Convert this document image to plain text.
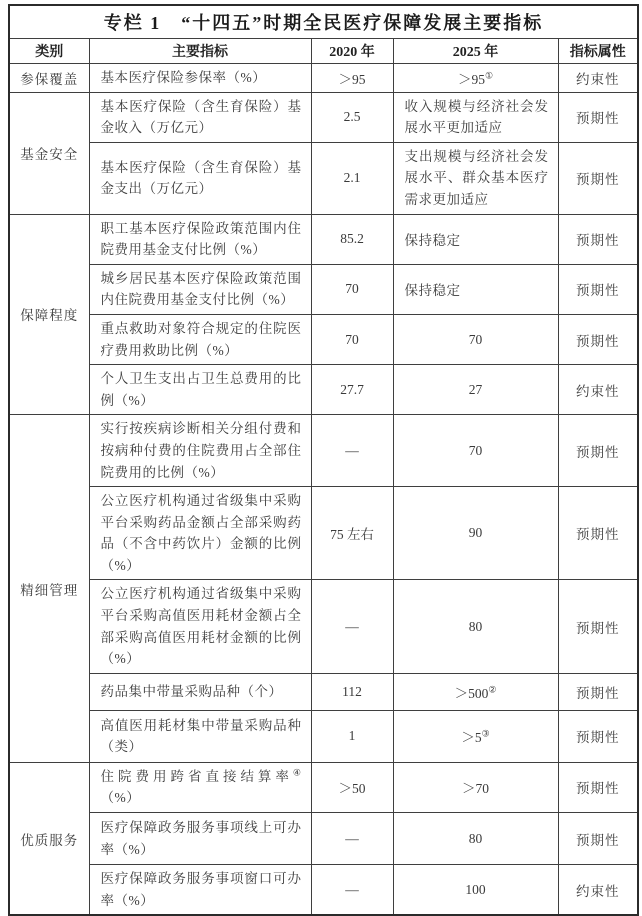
专栏 1　“十四五”时期全民医疗保障发展主要指标				
类别	主要指标	2020 年	2025 年	指标属性
参保覆盖	基本医疗保险参保率（%）	＞95	＞95①	约束性
基金安全	基本医疗保险（含生育保险）基金收入（万亿元）	2.5	收入规模与经济社会发展水平更加适应	预期性
	基本医疗保险（含生育保险）基金支出（万亿元）	2.1	支出规模与经济社会发展水平、群众基本医疗需求更加适应	预期性
保障程度	职工基本医疗保险政策范围内住院费用基金支付比例（%）	85.2	保持稳定	预期性
	城乡居民基本医疗保险政策范围内住院费用基金支付比例（%）	70	保持稳定	预期性
	重点救助对象符合规定的住院医疗费用救助比例（%）	70	70	预期性
	个人卫生支出占卫生总费用的比例（%）	27.7	27	约束性
精细管理	实行按疾病诊断相关分组付费和按病种付费的住院费用占全部住院费用的比例（%）	—	70	预期性
	公立医疗机构通过省级集中采购平台采购药品金额占全部采购药品（不含中药饮片）金额的比例（%）	75 左右	90	预期性
	公立医疗机构通过省级集中采购平台采购高值医用耗材金额占全部采购高值医用耗材金额的比例（%）	—	80	预期性
	药品集中带量采购品种（个）	112	＞500②	预期性
	高值医用耗材集中带量采购品种（类）	1	＞5③	预期性
优质服务	住院费用跨省直接结算率④（%）	＞50	＞70	预期性
	医疗保障政务服务事项线上可办率（%）	—	80	预期性
	医疗保障政务服务事项窗口可办率（%）	—	100	约束性
